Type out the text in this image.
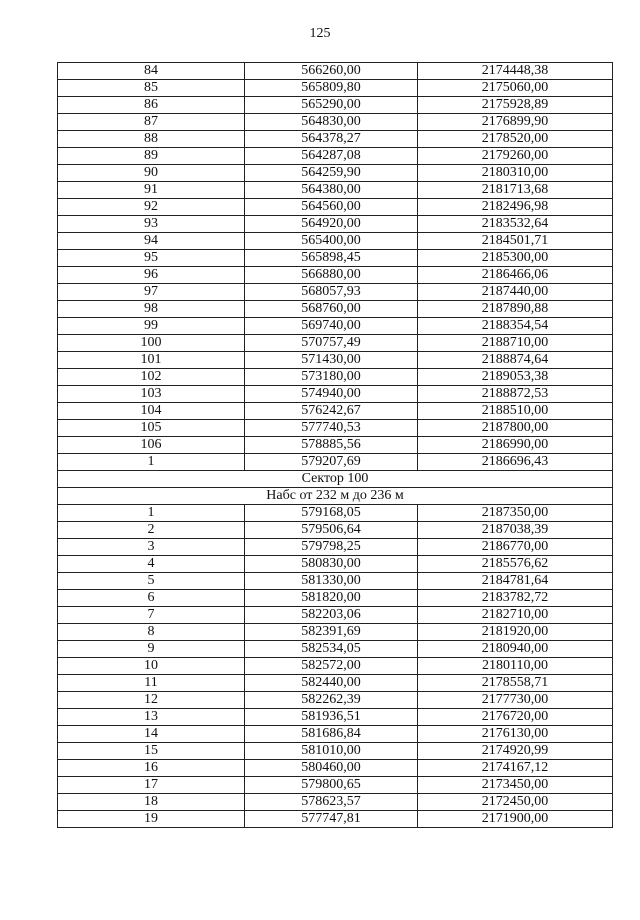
125
84	566260,00	2174448,38
85	565809,80	2175060,00
86	565290,00	2175928,89
87	564830,00	2176899,90
88	564378,27	2178520,00
89	564287,08	2179260,00
90	564259,90	2180310,00
91	564380,00	2181713,68
92	564560,00	2182496,98
93	564920,00	2183532,64
94	565400,00	2184501,71
95	565898,45	2185300,00
96	566880,00	2186466,06
97	568057,93	2187440,00
98	568760,00	2187890,88
99	569740,00	2188354,54
100	570757,49	2188710,00
101	571430,00	2188874,64
102	573180,00	2189053,38
103	574940,00	2188872,53
104	576242,67	2188510,00
105	577740,53	2187800,00
106	578885,56	2186990,00
1	579207,69	2186696,43
Сектор 100		
Набс от 232 м до 236 м		
1	579168,05	2187350,00
2	579506,64	2187038,39
3	579798,25	2186770,00
4	580830,00	2185576,62
5	581330,00	2184781,64
6	581820,00	2183782,72
7	582203,06	2182710,00
8	582391,69	2181920,00
9	582534,05	2180940,00
10	582572,00	2180110,00
11	582440,00	2178558,71
12	582262,39	2177730,00
13	581936,51	2176720,00
14	581686,84	2176130,00
15	581010,00	2174920,99
16	580460,00	2174167,12
17	579800,65	2173450,00
18	578623,57	2172450,00
19	577747,81	2171900,00
